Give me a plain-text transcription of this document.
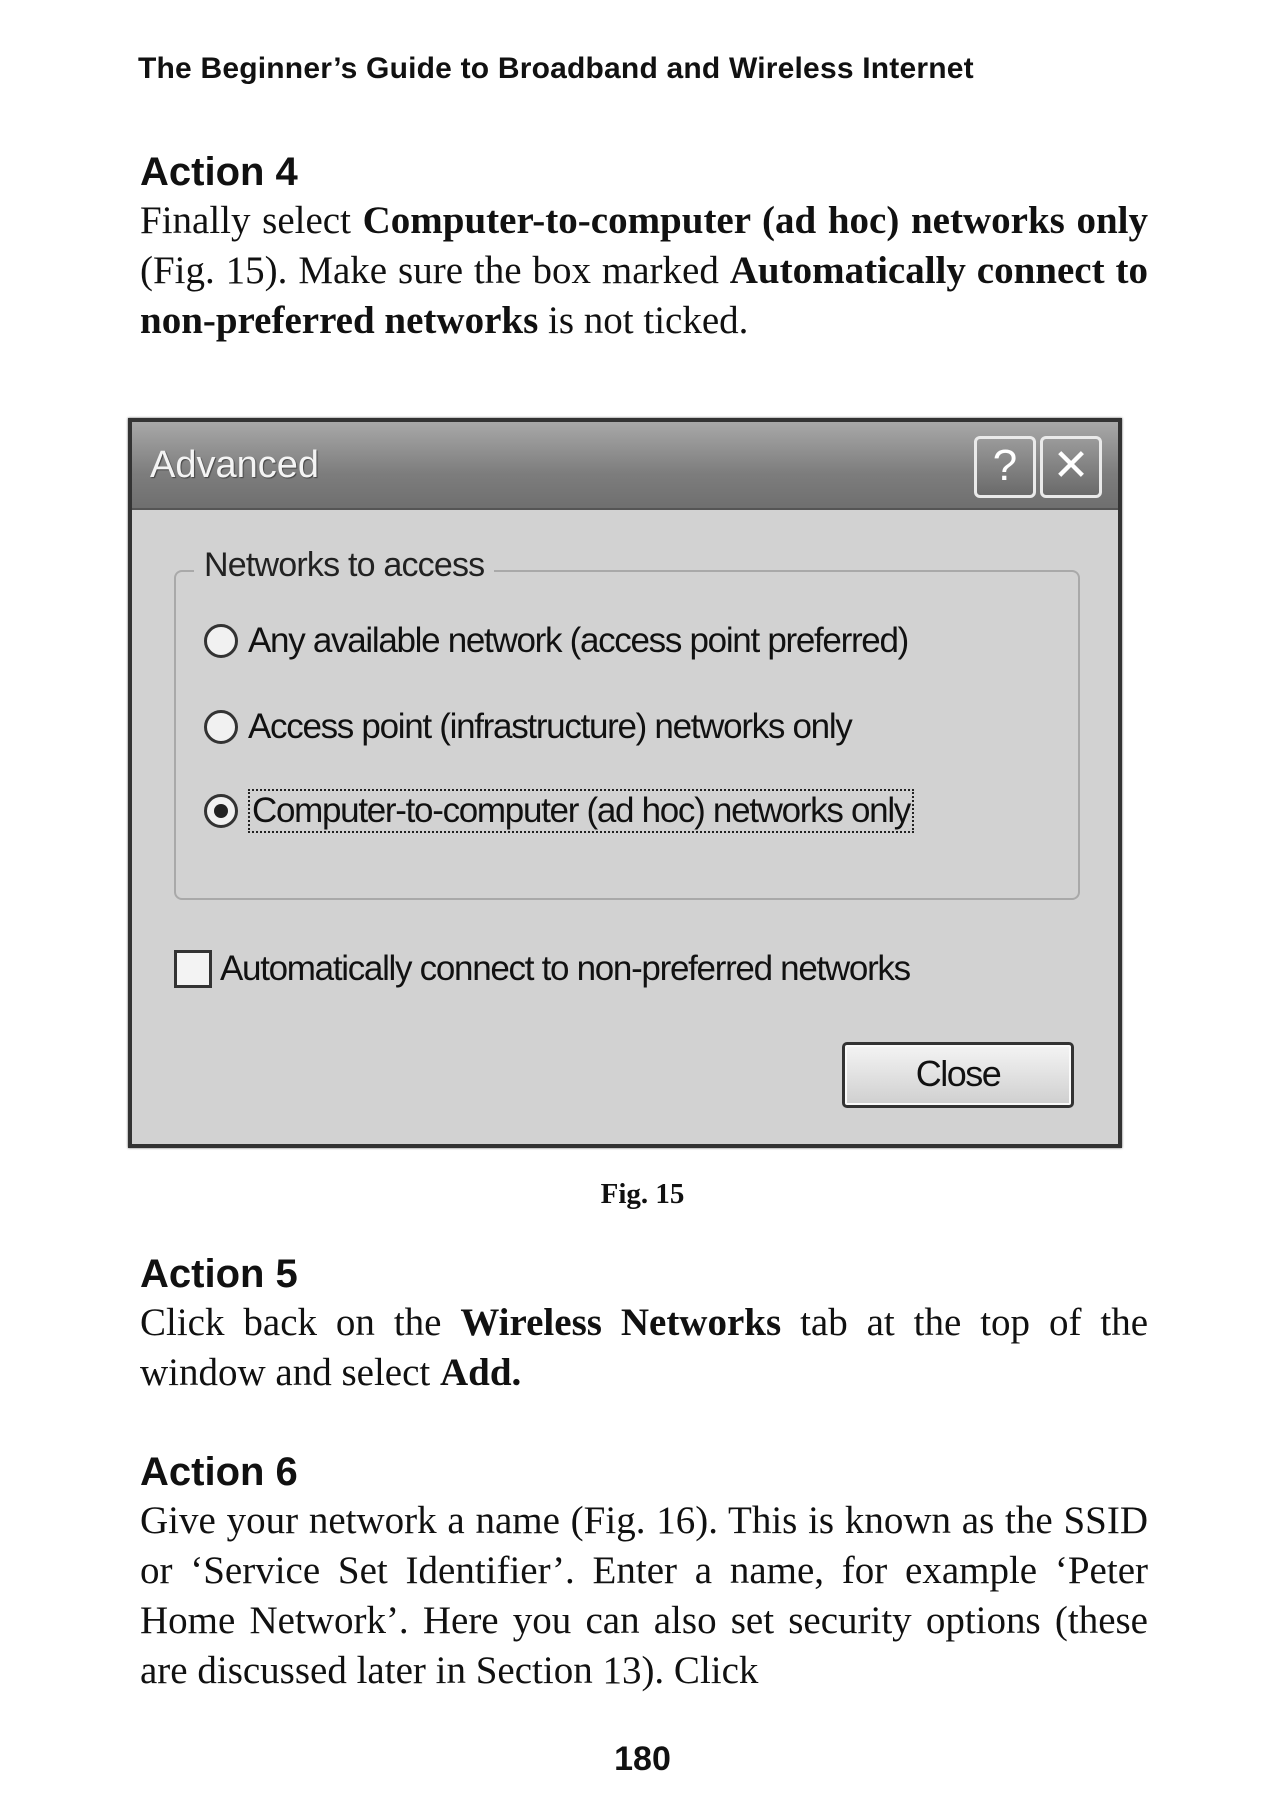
The Beginner’s Guide to Broadband and Wireless Internet
Action 4

Finally select Computer-to-computer (ad hoc) networks only (Fig. 15). Make sure the box marked Automatically connect to non-preferred networks is not ticked.

Advanced	? ✕
Networks to access
Any available network (access point preferred)
Access point (infrastructure) networks only
Computer-to-computer (ad hoc) networks only
Automatically connect to non-preferred networks
Close
Fig. 15
Action 5

Click back on the Wireless Networks tab at the top of the window and select Add.

Action 6

Give your network a name (Fig. 16). This is known as the SSID or ‘Service Set Identifier’. Enter a name, for example ‘Peter Home Network’. Here you can also set security options (these are discussed later in Section 13). Click

180
